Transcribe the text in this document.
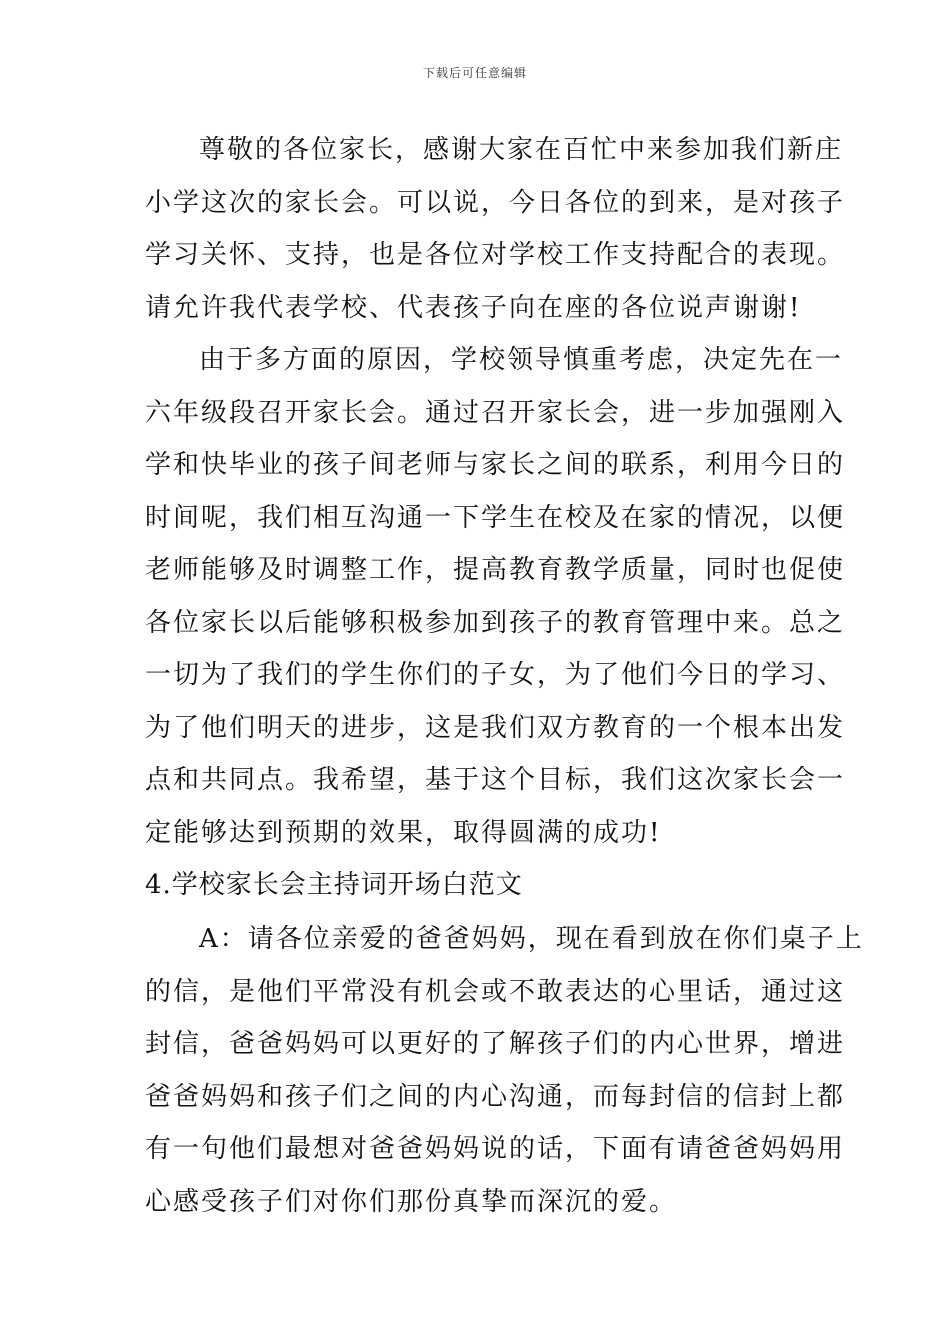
下载后可任意编辑

尊敬的各位家长，感谢大家在百忙中来参加我们新庄
小学这次的家长会。可以说，今日各位的到来，是对孩子
学习关怀、支持，也是各位对学校工作支持配合的表现。
请允许我代表学校、代表孩子向在座的各位说声谢谢!

由于多方面的原因，学校领导慎重考虑，决定先在一
六年级段召开家长会。通过召开家长会，进一步加强刚入
学和快毕业的孩子间老师与家长之间的联系，利用今日的
时间呢，我们相互沟通一下学生在校及在家的情况，以便
老师能够及时调整工作，提高教育教学质量，同时也促使
各位家长以后能够积极参加到孩子的教育管理中来。总之
一切为了我们的学生你们的子女，为了他们今日的学习、
为了他们明天的进步，这是我们双方教育的一个根本出发
点和共同点。我希望，基于这个目标，我们这次家长会一
定能够达到预期的效果，取得圆满的成功!

4.学校家长会主持词开场白范文

A：请各位亲爱的爸爸妈妈，现在看到放在你们桌子上
的信，是他们平常没有机会或不敢表达的心里话，通过这
封信，爸爸妈妈可以更好的了解孩子们的内心世界，增进
爸爸妈妈和孩子们之间的内心沟通，而每封信的信封上都
有一句他们最想对爸爸妈妈说的话，下面有请爸爸妈妈用
心感受孩子们对你们那份真挚而深沉的爱。
